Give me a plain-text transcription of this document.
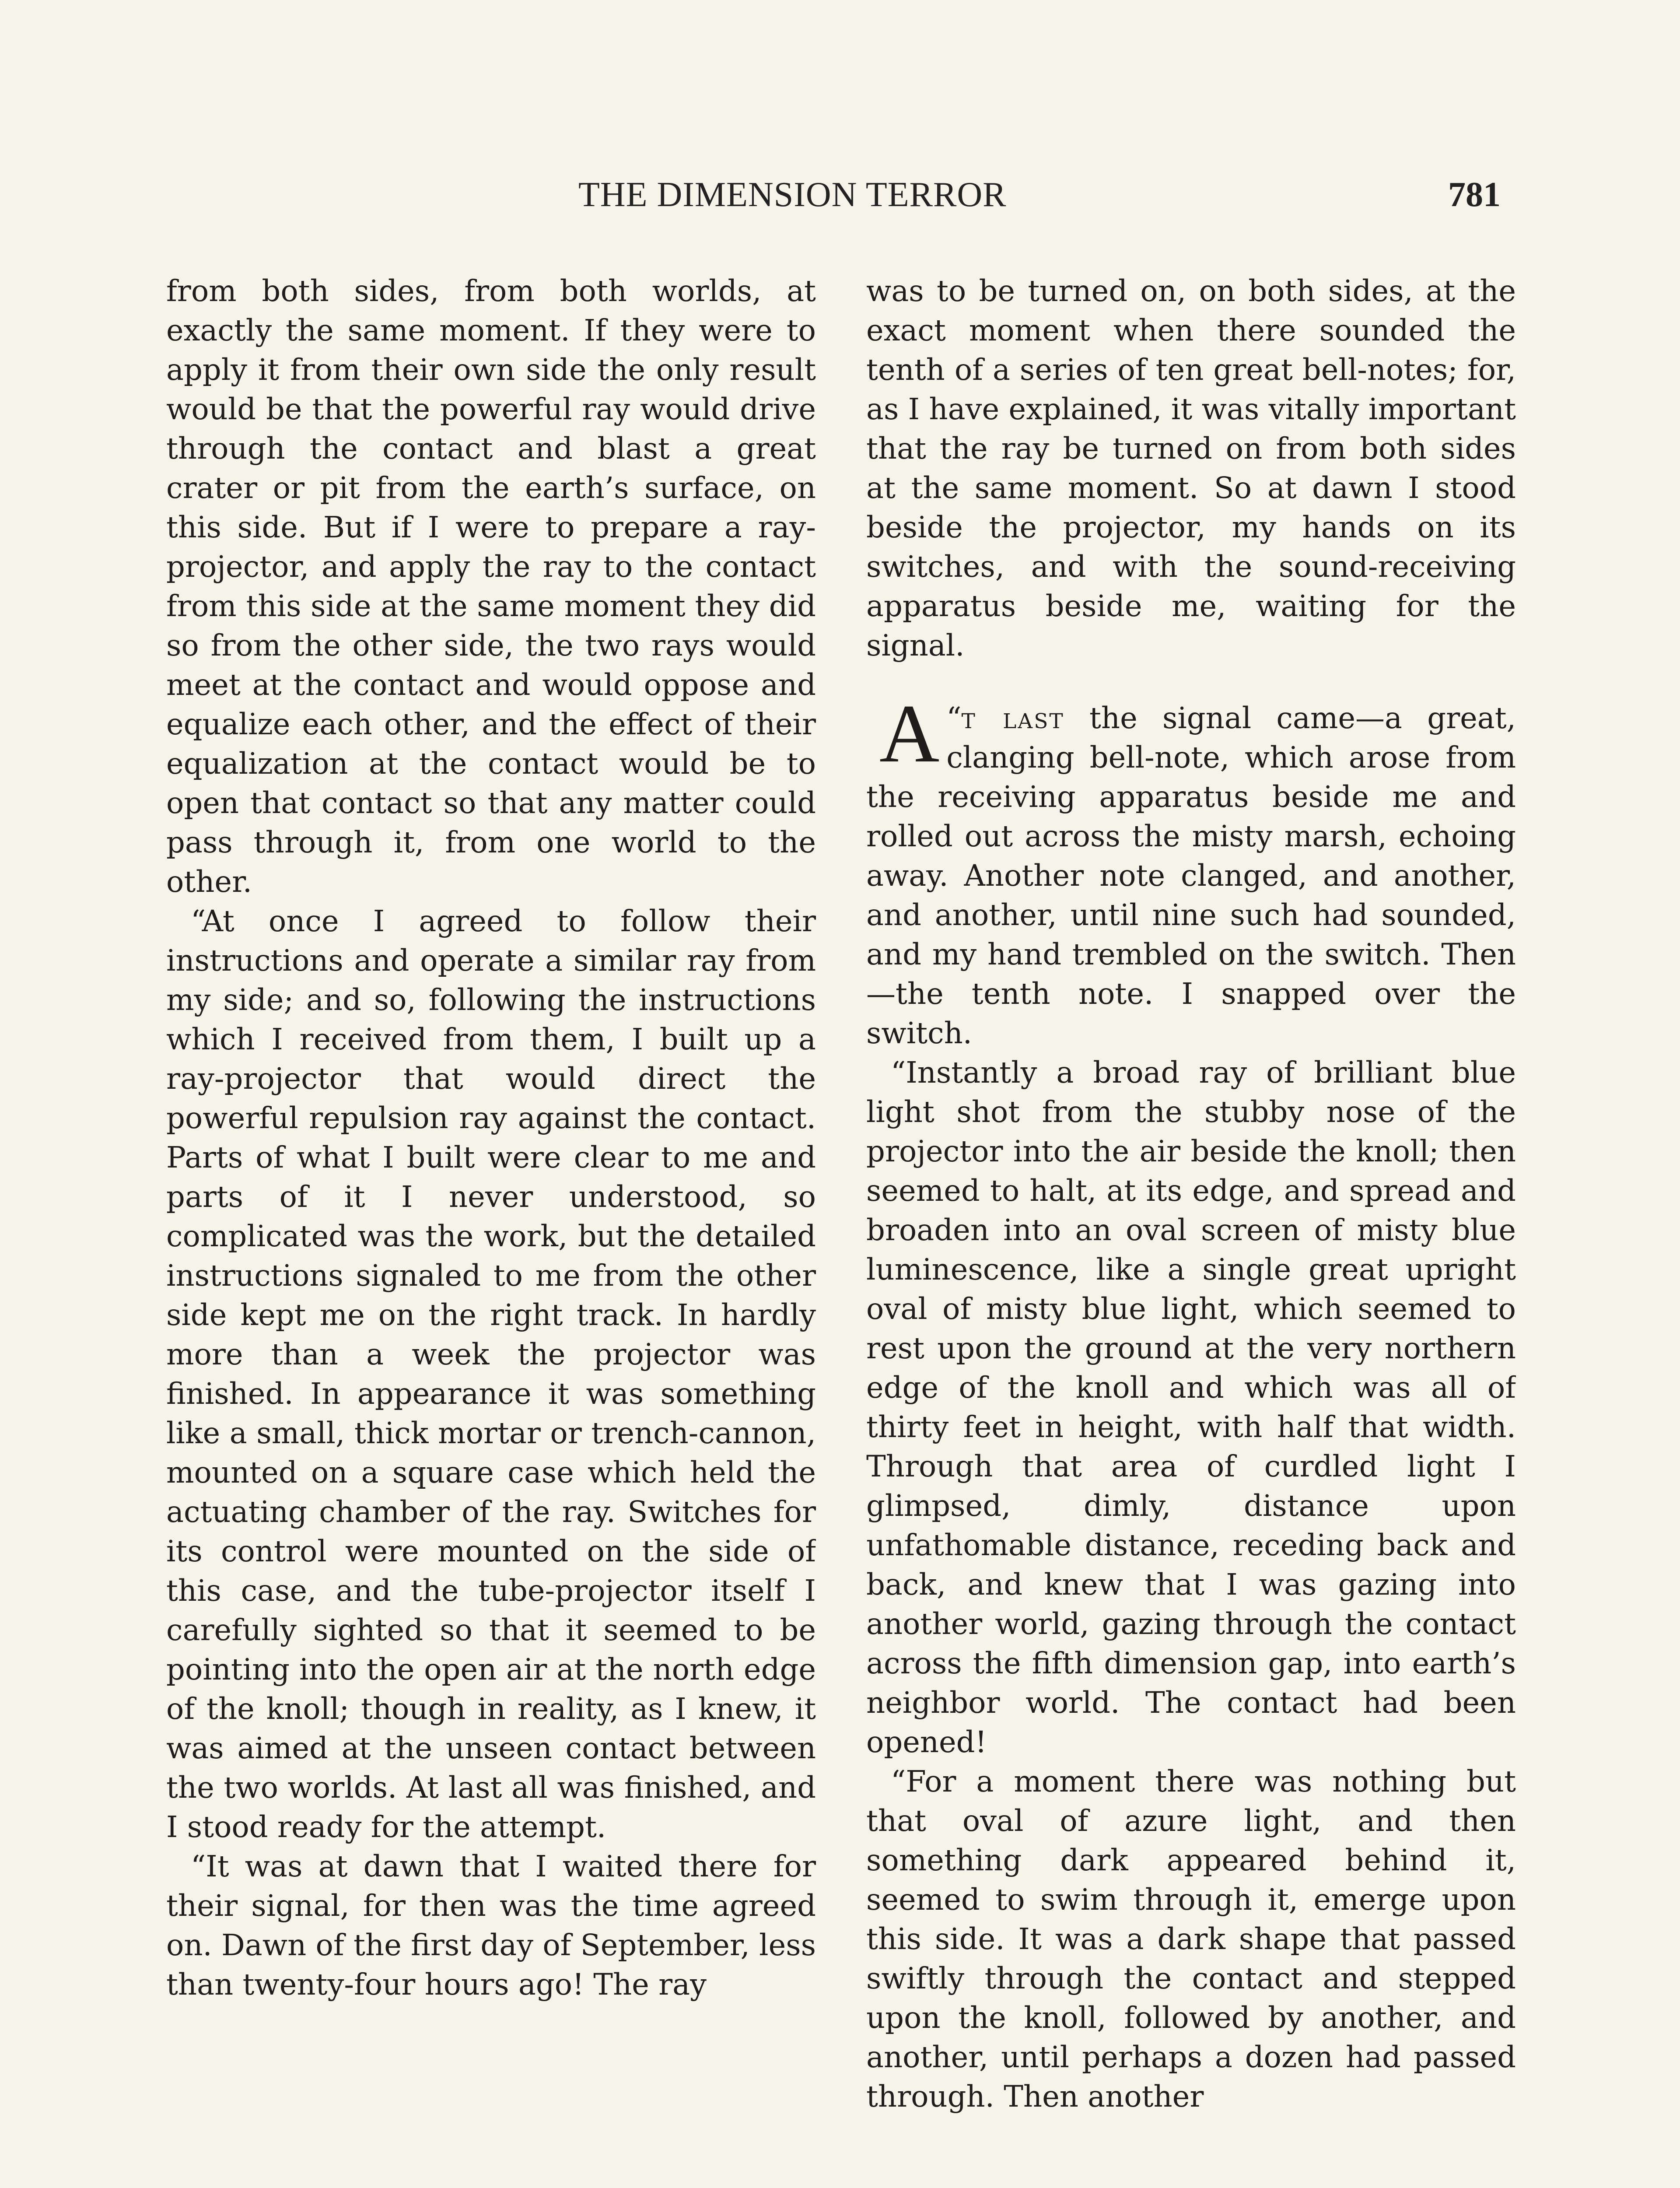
THE DIMENSION TERROR	781

from both sides, from both worlds, at exactly the same moment. If they were to apply it from their own side the only result would be that the powerful ray would drive through the contact and blast a great crater or pit from the earth’s surface, on this side. But if I were to prepare a ray-projector, and apply the ray to the contact from this side at the same moment they did so from the other side, the two rays would meet at the contact and would oppose and equalize each other, and the effect of their equalization at the contact would be to open that contact so that any matter could pass through it, from one world to the other.

“At once I agreed to follow their instructions and operate a similar ray from my side; and so, following the instructions which I received from them, I built up a ray-projector that would direct the powerful repulsion ray against the contact. Parts of what I built were clear to me and parts of it I never understood, so complicated was the work, but the detailed instructions signaled to me from the other side kept me on the right track. In hardly more than a week the projector was finished. In appearance it was something like a small, thick mortar or trench-cannon, mounted on a square case which held the actuating chamber of the ray. Switches for its control were mounted on the side of this case, and the tube-projector itself I carefully sighted so that it seemed to be pointing into the open air at the north edge of the knoll; though in reality, as I knew, it was aimed at the unseen contact between the two worlds. At last all was finished, and I stood ready for the attempt.

“It was at dawn that I waited there for their signal, for then was the time agreed on. Dawn of the first day of September, less than twenty-four hours ago! The ray

was to be turned on, on both sides, at the exact moment when there sounded the tenth of a series of ten great bell-notes; for, as I have explained, it was vitally important that the ray be turned on from both sides at the same moment. So at dawn I stood beside the projector, my hands on its switches, and with the sound-receiving apparatus beside me, waiting for the signal.

“
A t last the signal came—a great, clanging bell-note, which arose from the receiving apparatus beside me and rolled out across the misty marsh, echoing away. Another note clanged, and another, and another, until nine such had sounded, and my hand trembled on the switch. Then—the tenth note. I snapped over the switch.

“Instantly a broad ray of brilliant blue light shot from the stubby nose of the projector into the air beside the knoll; then seemed to halt, at its edge, and spread and broaden into an oval screen of misty blue luminescence, like a single great upright oval of misty blue light, which seemed to rest upon the ground at the very northern edge of the knoll and which was all of thirty feet in height, with half that width. Through that area of curdled light I glimpsed, dimly, distance upon unfathomable distance, receding back and back, and knew that I was gazing into another world, gazing through the contact across the fifth dimension gap, into earth’s neighbor world. The contact had been opened!

“For a moment there was nothing but that oval of azure light, and then something dark appeared behind it, seemed to swim through it, emerge upon this side. It was a dark shape that passed swiftly through the contact and stepped upon the knoll, followed by another, and another, until perhaps a dozen had passed through. Then another
